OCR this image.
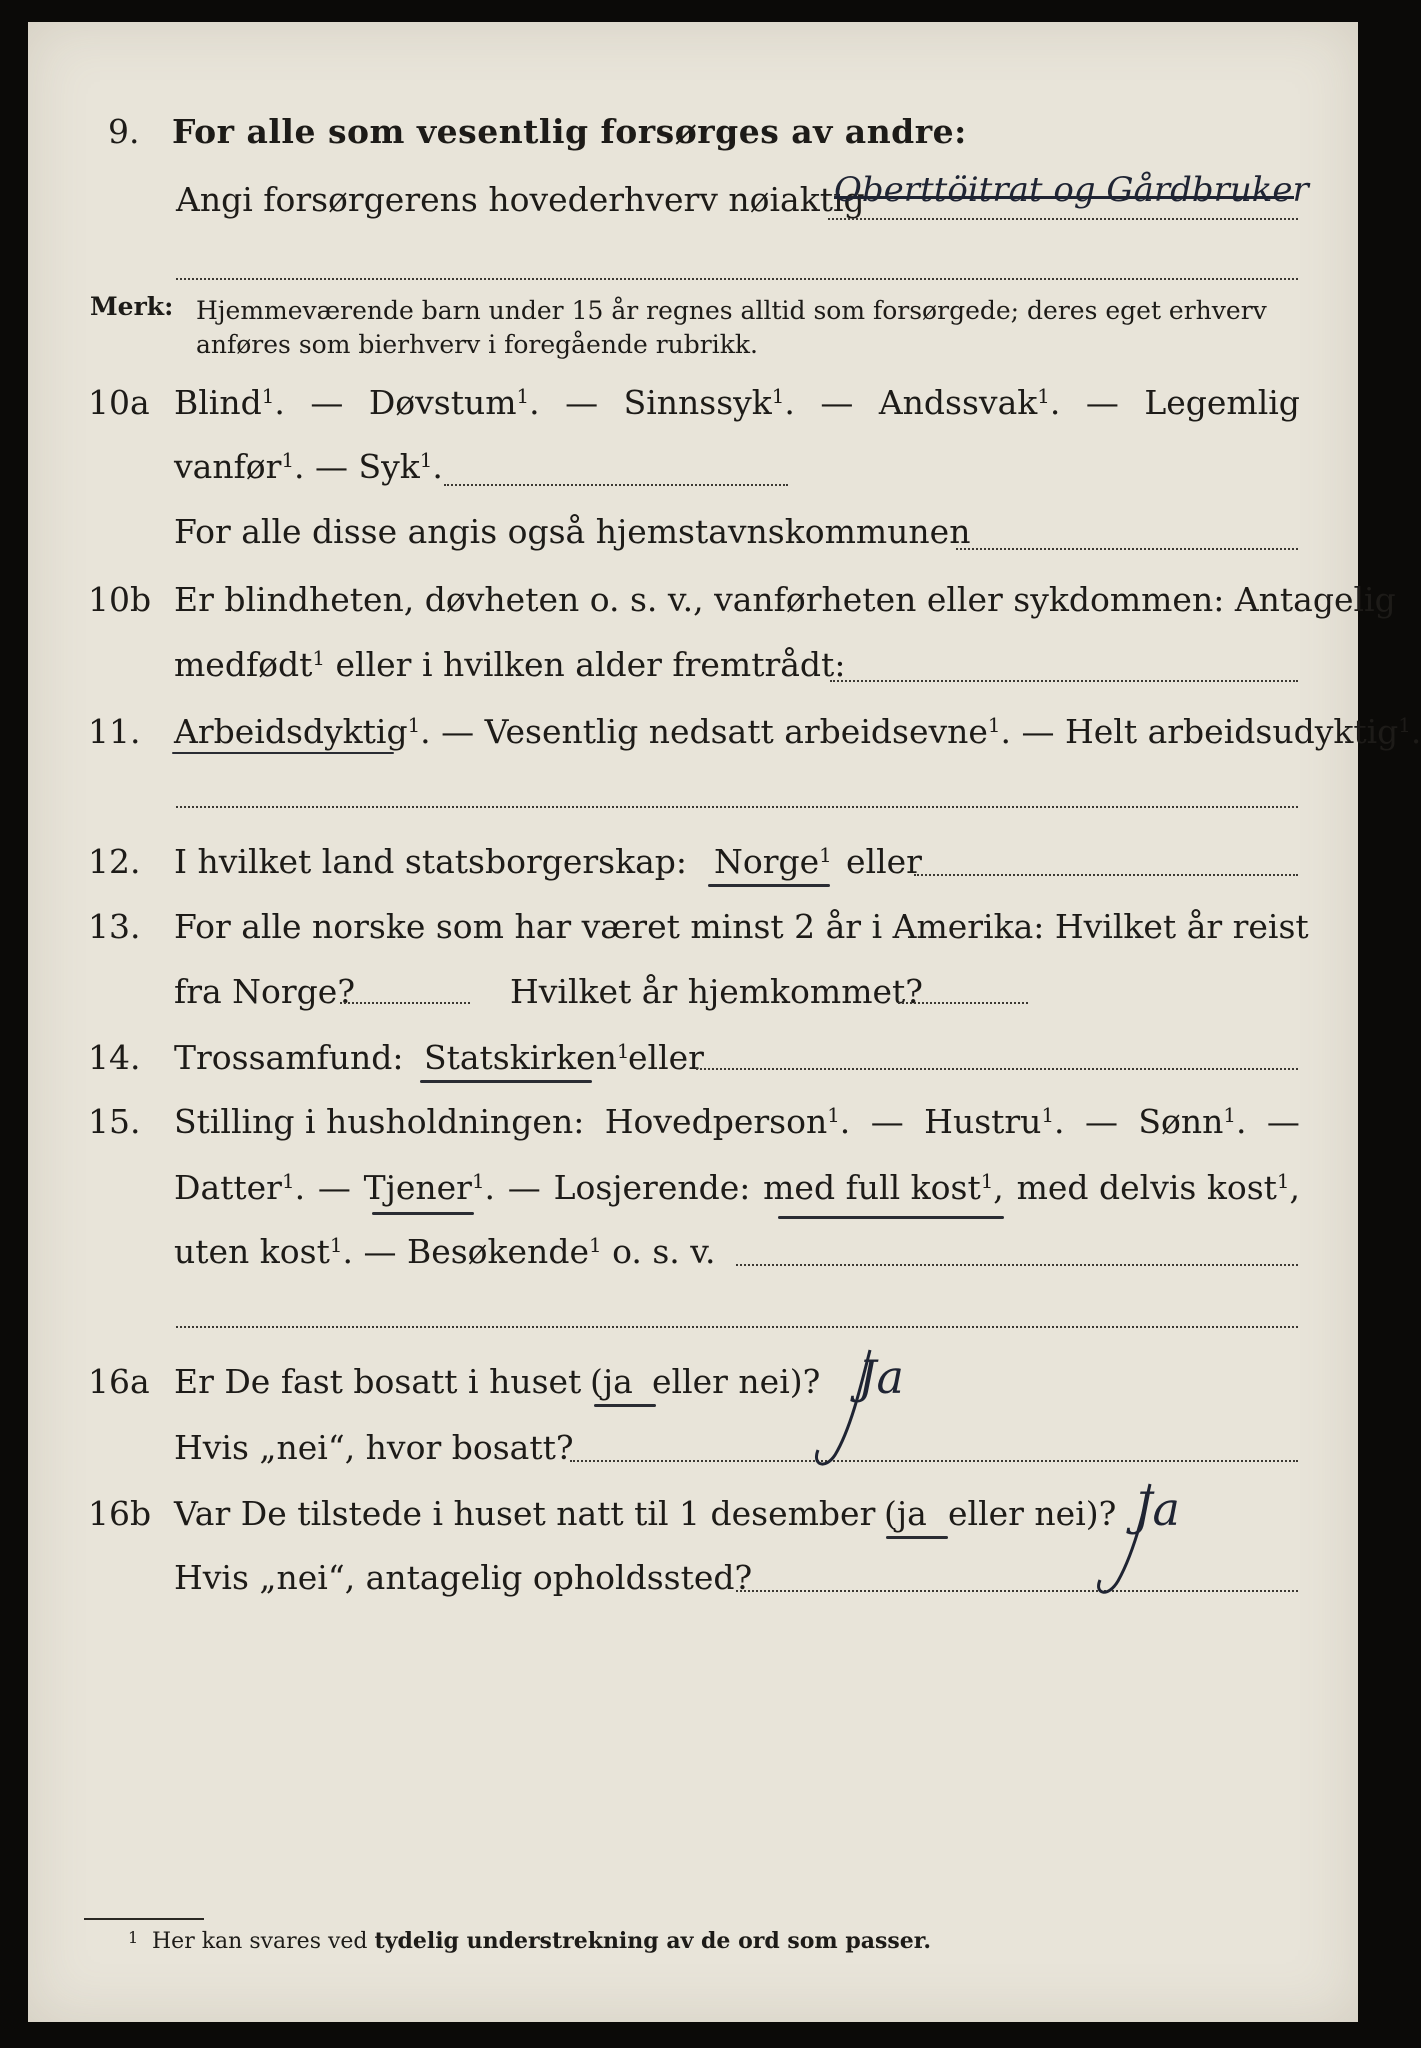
9. For alle som vesentlig forsørges av andre:
Angi forsørgerens hovederhverv nøiaktig
Oberttöitrat og Gårdbruker
Merk: Hjemmeværende barn under 15 år regnes alltid som forsørgede; deres eget erhverv
anføres som bierhverv i foregående rubrikk.
10a Blind$^1$. — Døvstum$^1$. — Sinnssyk$^1$. — Andssvak$^1$. — Legemlig
vanfør$^1$. — Syk$^1$.
For alle disse angis også hjemstavnskommunen
10b Er blindheten, døvheten o. s. v., vanførheten eller sykdommen: Antagelig
medfødt$^1$ eller i hvilken alder fremtrådt:
11. Arbeidsdyktig$^1$. — Vesentlig nedsatt arbeidsevne$^1$. — Helt arbeidsudyktig$^1$.
12. I hvilket land statsborgerskap: Norge$^1$ eller
13. For alle norske som har været minst 2 år i Amerika: Hvilket år reist
fra Norge?	Hvilket år hjemkommet?
14. Trossamfund: Statskirken$^1$
eller
15. Stilling i husholdningen: Hovedperson$^1$. — Hustru$^1$. — Sønn$^1$. —
Datter$^1$. — Tjener$^1$. — Losjerende: med full kost$^1$, med delvis kost$^1$,
uten kost$^1$. — Besøkende$^1$ o. s. v.
16a Er De fast bosatt i huset (ja eller nei)? Ja
Hvis „nei“, hvor bosatt?
16b Var De tilstede i huset natt til 1 desember (ja eller nei)? Ja
Hvis „nei“, antagelig opholdssted?
1 Her kan svares ved tydelig understrekning av de ord som passer.
